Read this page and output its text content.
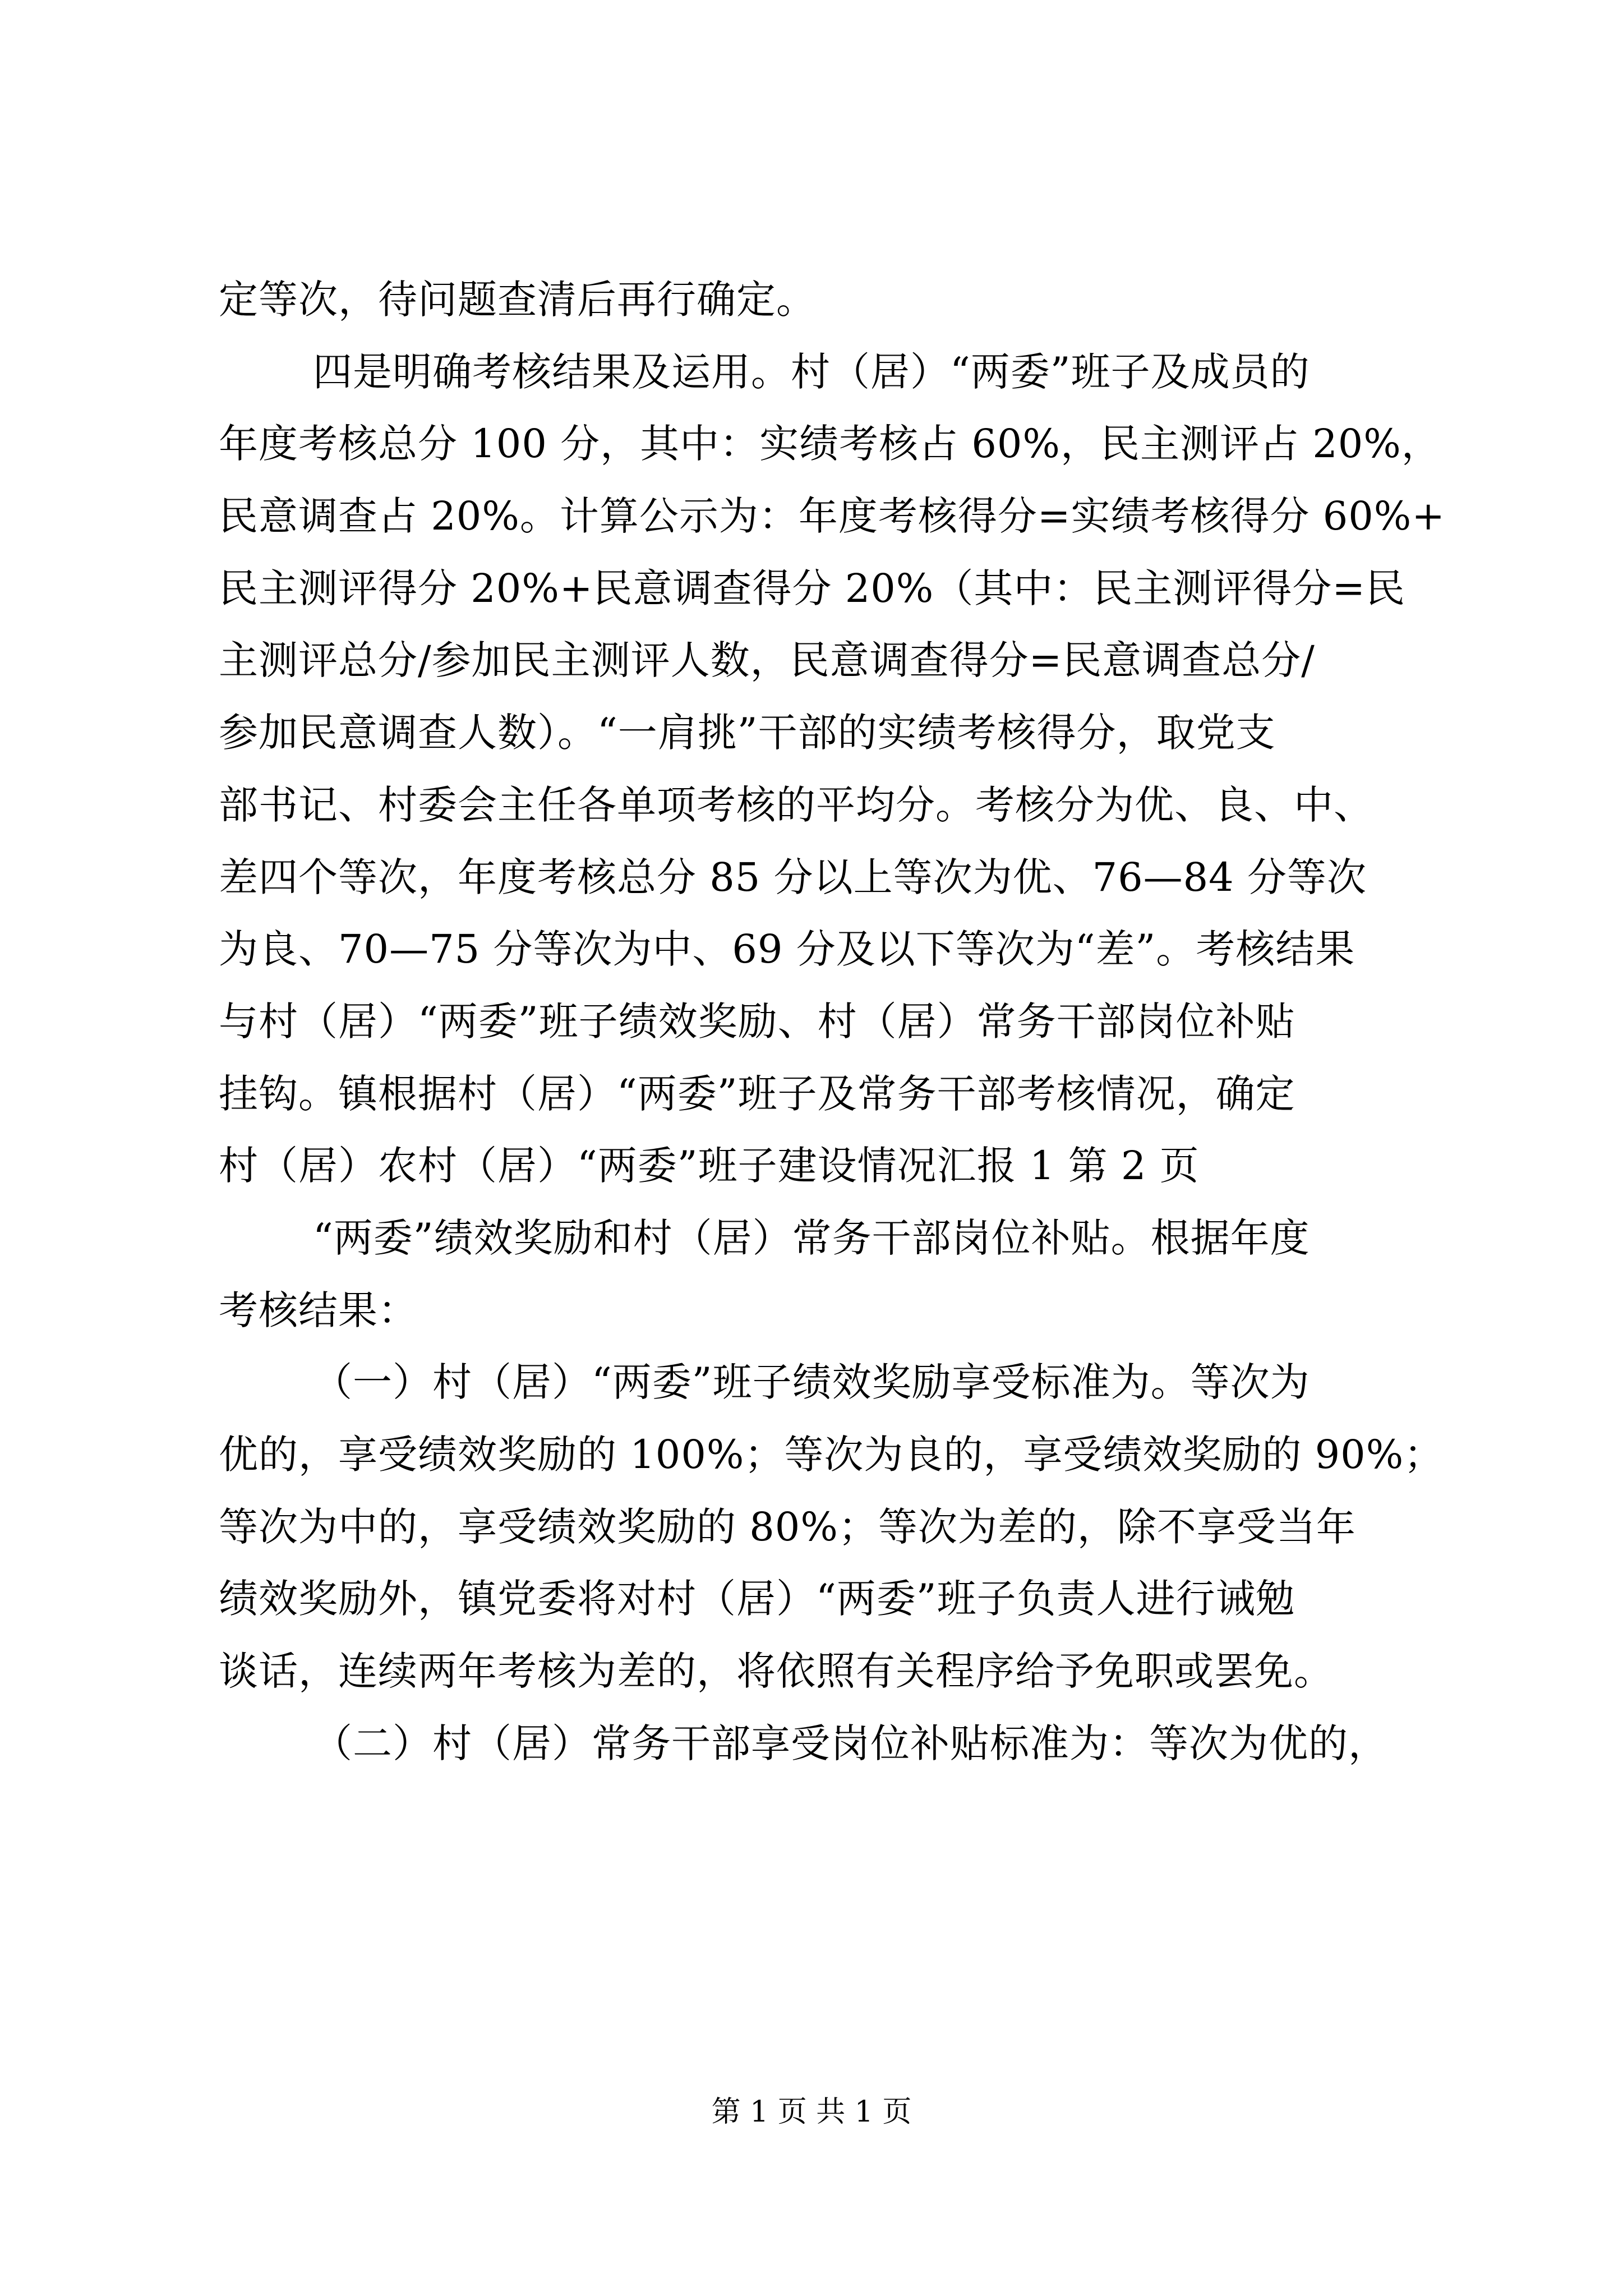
定等次，待问题查清后再行确定。
四是明确考核结果及运用。村（居）“两委”班子及成员的
年度考核总分 100 分，其中：实绩考核占 60%，民主测评占 20%，
民意调查占 20%。计算公示为：年度考核得分=实绩考核得分 60%+
民主测评得分 20%+民意调查得分 20%（其中：民主测评得分=民
主测评总分/参加民主测评人数，民意调查得分=民意调查总分/
参加民意调查人数）。“一肩挑”干部的实绩考核得分，取党支
部书记、村委会主任各单项考核的平均分。考核分为优、良、中、
差四个等次，年度考核总分 85 分以上等次为优、76—84 分等次
为良、70—75 分等次为中、69 分及以下等次为“差”。考核结果
与村（居）“两委”班子绩效奖励、村（居）常务干部岗位补贴
挂钩。镇根据村（居）“两委”班子及常务干部考核情况，确定
村（居）农村（居）“两委”班子建设情况汇报 1 第 2 页
“两委”绩效奖励和村（居）常务干部岗位补贴。根据年度
考核结果：
（一）村（居）“两委”班子绩效奖励享受标准为。等次为
优的，享受绩效奖励的 100%；等次为良的，享受绩效奖励的 90%；
等次为中的，享受绩效奖励的 80%；等次为差的，除不享受当年
绩效奖励外，镇党委将对村（居）“两委”班子负责人进行诫勉
谈话，连续两年考核为差的，将依照有关程序给予免职或罢免。
（二）村（居）常务干部享受岗位补贴标准为：等次为优的，
第 1 页 共 1 页
